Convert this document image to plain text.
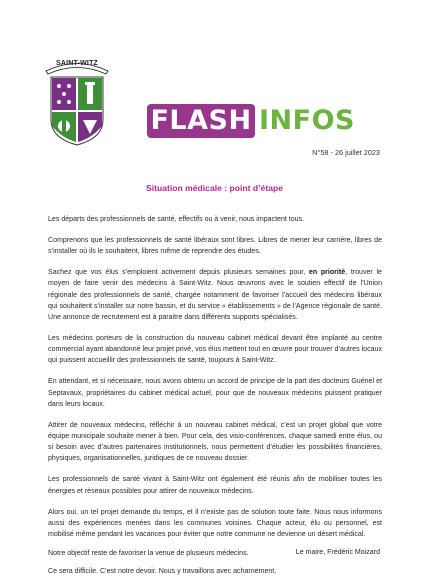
SAINT-WITZ
FLASH INFOS
N°58 - 26 juillet 2023
Situation médicale : point d’étape

Les départs des professionnels de santé, effectifs ou à venir, nous impactent tous.

Comprenons que les professionnels de santé libéraux sont libres. Libres de mener leur carrière, libres de s’installer où ils le souhaitent, libres même de reprendre des études.

Sachez que vos élus s’emploient activement depuis plusieurs semaines pour, en priorité, trouver le moyen de faire venir des médecins à Saint-Witz. Nous œuvrons avec le soutien effectif de l’Union régionale des professionnels de santé, chargée notamment de favoriser l’accueil des médecins libéraux qui souhaitent s’installer sur notre bassin, et du service « établissements » de l’Agence régionale de santé. Une annonce de recrutement est à paraitre dans différents supports spécialisés.

Les médecins porteurs de la construction du nouveau cabinet médical devant être implanté au centre commercial ayant abandonné leur projet privé, vos élus mettent tout en œuvre pour trouver d’autres locaux qui puissent accueillir des professionnels de santé, toujours à Saint-Witz.

En attendant, et si nécessaire, nous avons obtenu un accord de principe de la part des docteurs Guénel et Septavaux, propriétaires du cabinet médical actuel, pour que de nouveaux médecins puissent pratiquer dans leurs locaux.

Attirer de nouveaux médecins, réfléchir à un nouveau cabinet médical, c’est un projet global que votre équipe municipale souhaite mener à bien. Pour cela, des visio-conférences, chaque samedi entre élus, ou si besoin avec d’autres partenaires institutionnels, nous permettent d’étudier les possibilités financières, physiques, organisationnelles, juridiques de ce nouveau dossier.

Les professionnels de santé vivant à Saint-Witz ont également été réunis afin de mobiliser toutes les énergies et réseaux possibles pour attirer de nouveaux médecins.

Alors oui, un tel projet demande du temps, et il n’existe pas de solution toute faite. Nous nous informons aussi des expériences menées dans les communes voisines. Chaque acteur, élu ou personnel, est mobilisé même pendant les vacances pour éviter que notre commune ne devienne un désert médical.

Notre objectif reste de favoriser la venue de plusieurs médecins.

Ce sera difficile. C’est notre devoir. Nous y travaillons avec acharnement.

Le maire, Frédéric Moizard
